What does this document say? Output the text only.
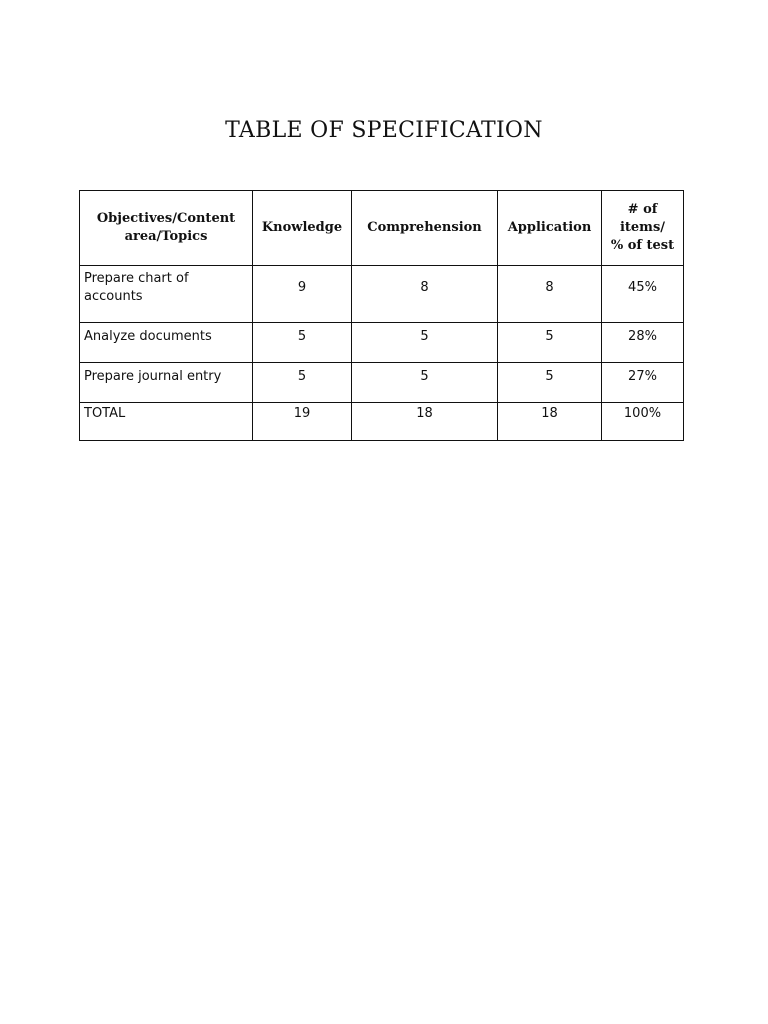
TABLE OF SPECIFICATION
Objectives/Content area/Topics	Knowledge	Comprehension	Application	# of
items/
% of test
Prepare chart of
accounts	9	8	8	45%
Analyze documents	5	5	5	28%
Prepare journal entry	5	5	5	27%
TOTAL	19	18	18	100%
